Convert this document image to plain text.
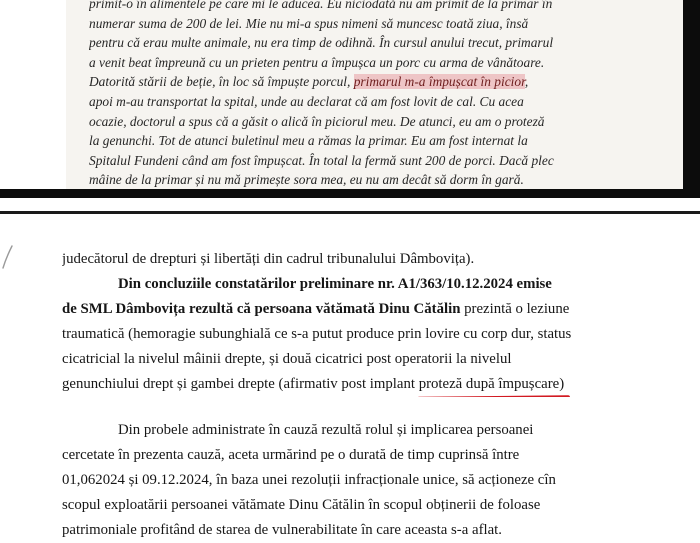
primit-o în alimentele pe care mi le aducea. Eu niciodată nu am primit de la primar în
numerar suma de 200 de lei. Mie nu mi-a spus nimeni să muncesc toată ziua, însă
pentru că erau multe animale, nu era timp de odihnă. În cursul anului trecut, primarul
a venit beat împreună cu un prieten pentru a împușca un porc cu arma de vânătoare.
Datorită stării de beție, în loc să împuște porcul, primarul m-a împușcat în picior,
apoi m-au transportat la spital, unde au declarat că am fost lovit de cal. Cu acea
ocazie, doctorul a spus că a găsit o alică în piciorul meu. De atunci, eu am o proteză
la genunchi. Tot de atunci buletinul meu a rămas la primar. Eu am fost internat la
Spitalul Fundeni când am fost împușcat. În total la fermă sunt 200 de porci. Dacă plec
mâine de la primar și nu mă primește sora mea, eu nu am decât să dorm în gară.
judecătorul de drepturi și libertăți din cadrul tribunalului Dâmbovița).
Din concluziile constatărilor preliminare nr. A1/363/10.12.2024 emise
de SML Dâmbovița rezultă că persoana vătămată Dinu Cătălin prezintă o leziune
traumatică (hemoragie subunghială ce s-a putut produce prin lovire cu corp dur, status
cicatricial la nivelul mâinii drepte, și două cicatrici post operatorii la nivelul
genunchiului drept și gambei drepte (afirmativ post implant proteză după împușcare)
Din probele administrate în cauză rezultă rolul și implicarea persoanei
cercetate în prezenta cauză, aceta urmărind pe o durată de timp cuprinsă între
01,062024 și 09.12.2024, în baza unei rezoluții infracționale unice, să acționeze cîn
scopul exploatării persoanei vătămate Dinu Cătălin în scopul obținerii de foloase
patrimoniale profitând de starea de vulnerabilitate în care aceasta s-a aflat.
